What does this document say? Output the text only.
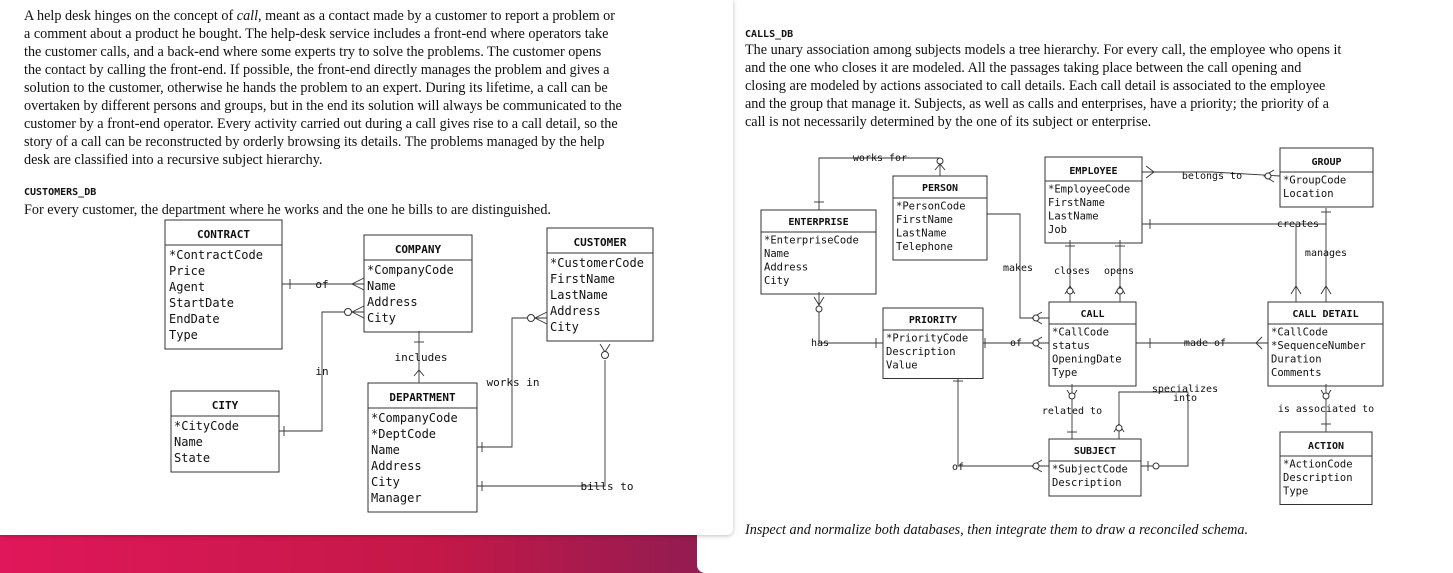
A help desk hinges on the concept of call, meant as a contact made by a customer to report a problem or
a comment about a product he bought. The help-desk service includes a front-end where operators take
the customer calls, and a back-end where some experts try to solve the problems. The customer opens
the contact by calling the front-end. If possible, the front-end directly manages the problem and gives a
solution to the customer, otherwise he hands the problem to an expert. During its lifetime, a call can be
overtaken by different persons and groups, but in the end its solution will always be communicated to the
customer by a front-end operator. Every activity carried out during a call gives rise to a call detail, so the
story of a call can be reconstructed by orderly browsing its details. The problems managed by the help
desk are classified into a recursive subject hierarchy.
CUSTOMERS_DB
For every customer, the department where he works and the one he bills to are distinguished.
CALLS_DB
The unary association among subjects models a tree hierarchy. For every call, the employee who opens it
and the one who closes it are modeled. All the passages taking place between the call opening and
closing are modeled by actions associated to call details. Each call detail is associated to the employee
and the group that manage it. Subjects, as well as calls and enterprises, have a priority; the priority of a
call is not necessarily determined by the one of its subject or enterprise.
Inspect and normalize both databases, then integrate them to draw a reconciled schema.
CONTRACT
*ContractCode
Price
Agent
StartDate
EndDate
Type
COMPANY
*CompanyCode
Name
Address
City
CUSTOMER
*CustomerCode
FirstName
LastName
Address
City
CITY
*CityCode
Name
State
DEPARTMENT
*CompanyCode
*DeptCode
Name
Address
City
Manager
of
in
includes
works in
bills to
PERSON
*PersonCode
FirstName
LastName
Telephone
EMPLOYEE
*EmployeeCode
FirstName
LastName
Job
GROUP
*GroupCode
Location
ENTERPRISE
*EnterpriseCode
Name
Address
City
PRIORITY
*PriorityCode
Description
Value
CALL
*CallCode
status
OpeningDate
Type
CALL DETAIL
*CallCode
*SequenceNumber
Duration
Comments
SUBJECT
*SubjectCode
Description
ACTION
*ActionCode
Description
Type
works for
makes
belongs to
creates
manages
closes opens
has	of	made of
is associated to
related to
specializes
into
of
